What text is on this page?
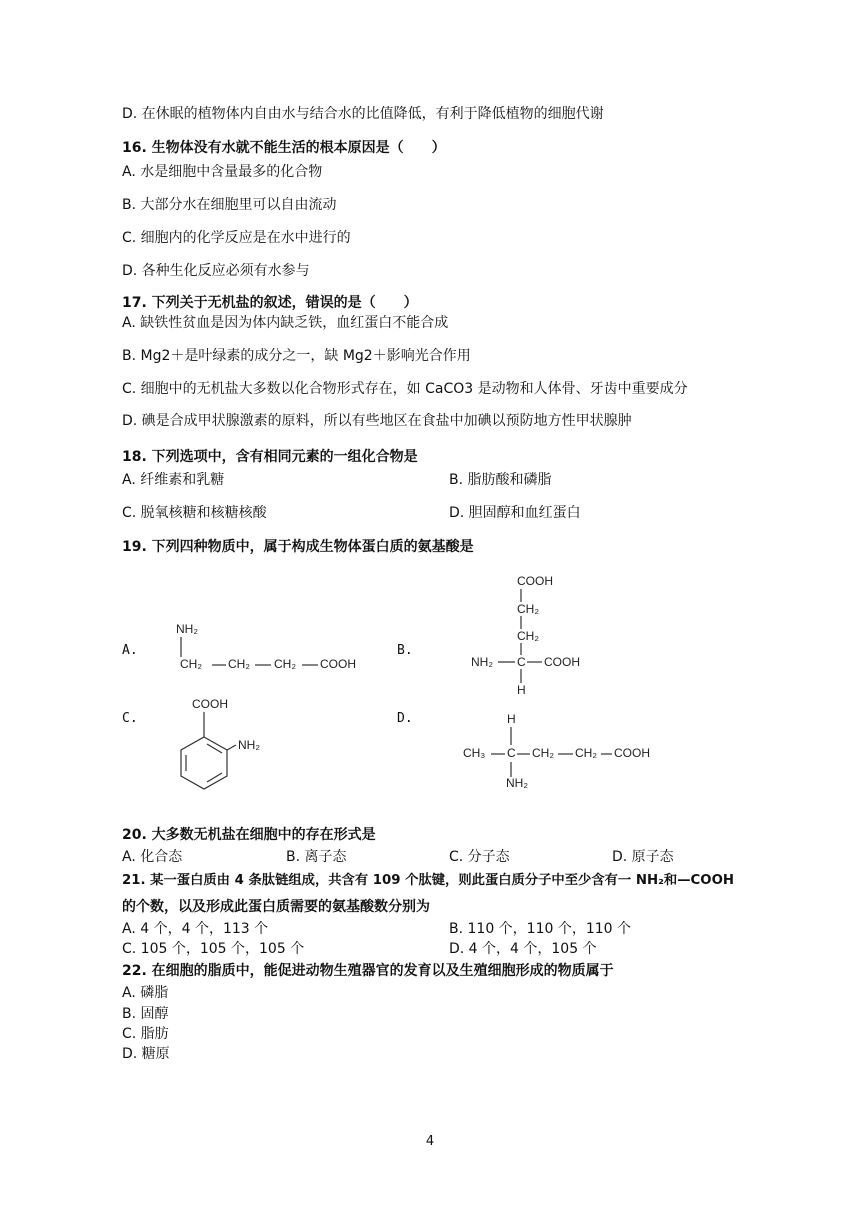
D. 在休眠的植物体内自由水与结合水的比值降低，有利于降低植物的细胞代谢
16. 生物体没有水就不能生活的根本原因是（　　）
A. 水是细胞中含量最多的化合物
B. 大部分水在细胞里可以自由流动
C. 细胞内的化学反应是在水中进行的
D. 各种生化反应必须有水参与
17. 下列关于无机盐的叙述，错误的是（　　）
A. 缺铁性贫血是因为体内缺乏铁，血红蛋白不能合成
B. Mg2＋是叶绿素的成分之一，缺 Mg2＋影响光合作用
C. 细胞中的无机盐大多数以化合物形式存在，如 CaCO3 是动物和人体骨、牙齿中重要成分
D. 碘是合成甲状腺激素的原料，所以有些地区在食盐中加碘以预防地方性甲状腺肿
18. 下列选项中，含有相同元素的一组化合物是
A. 纤维素和乳糖	B. 脂肪酸和磷脂
C. 脱氧核糖和核糖核酸	D. 胆固醇和血红蛋白
19. 下列四种物质中，属于构成生物体蛋白质的氨基酸是
A.	B.
C.	D.
NH₂
CH₂ CH₂ CH₂ COOH
COOH
CH₂
CH₂
NH₂ C COOH
H
COOH
NH₂
H
CH₃ C CH₂ CH₂ COOH
NH₂
20. 大多数无机盐在细胞中的存在形式是
A. 化合态	B. 离子态	C. 分子态	D. 原子态
21. 某一蛋白质由 4 条肽链组成，共含有 109 个肽键，则此蛋白质分子中至少含有一 NH₂和—COOH
的个数，以及形成此蛋白质需要的氨基酸数分别为
A. 4 个，4 个，113 个	B. 110 个，110 个，110 个
C. 105 个，105 个，105 个	D. 4 个，4 个，105 个
22. 在细胞的脂质中，能促进动物生殖器官的发育以及生殖细胞形成的物质属于
A. 磷脂
B. 固醇
C. 脂肪
D. 糖原
4
